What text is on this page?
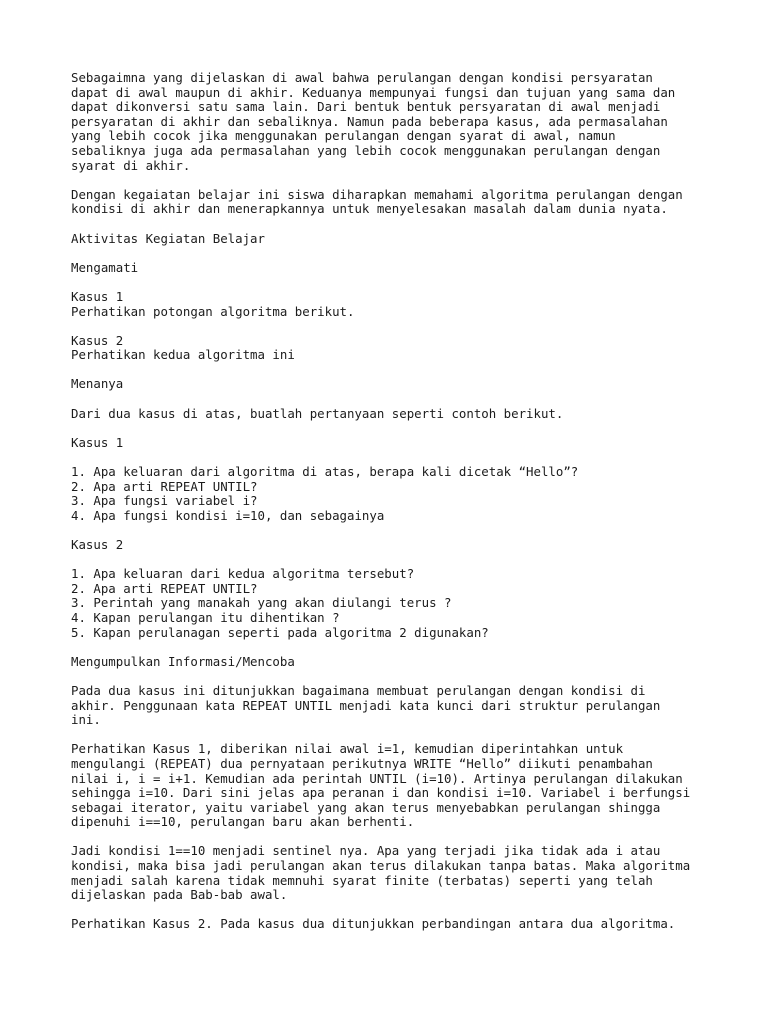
Sebagaimna yang dijelaskan di awal bahwa perulangan dengan kondisi persyaratan
dapat di awal maupun di akhir. Keduanya mempunyai fungsi dan tujuan yang sama dan
dapat dikonversi satu sama lain. Dari bentuk bentuk persyaratan di awal menjadi
persyaratan di akhir dan sebaliknya. Namun pada beberapa kasus, ada permasalahan
yang lebih cocok jika menggunakan perulangan dengan syarat di awal, namun
sebaliknya juga ada permasalahan yang lebih cocok menggunakan perulangan dengan
syarat di akhir.

Dengan kegaiatan belajar ini siswa diharapkan memahami algoritma perulangan dengan
kondisi di akhir dan menerapkannya untuk menyelesakan masalah dalam dunia nyata.

Aktivitas Kegiatan Belajar

Mengamati

Kasus 1
Perhatikan potongan algoritma berikut.

Kasus 2
Perhatikan kedua algoritma ini

Menanya

Dari dua kasus di atas, buatlah pertanyaan seperti contoh berikut.

Kasus 1

1. Apa keluaran dari algoritma di atas, berapa kali dicetak “Hello”?
2. Apa arti REPEAT UNTIL?
3. Apa fungsi variabel i?
4. Apa fungsi kondisi i=10, dan sebagainya

Kasus 2

1. Apa keluaran dari kedua algoritma tersebut?
2. Apa arti REPEAT UNTIL?
3. Perintah yang manakah yang akan diulangi terus ?
4. Kapan perulangan itu dihentikan ?
5. Kapan perulanagan seperti pada algoritma 2 digunakan?

Mengumpulkan Informasi/Mencoba

Pada dua kasus ini ditunjukkan bagaimana membuat perulangan dengan kondisi di
akhir. Penggunaan kata REPEAT UNTIL menjadi kata kunci dari struktur perulangan
ini.

Perhatikan Kasus 1, diberikan nilai awal i=1, kemudian diperintahkan untuk
mengulangi (REPEAT) dua pernyataan perikutnya WRITE “Hello” diikuti penambahan
nilai i, i = i+1. Kemudian ada perintah UNTIL (i=10). Artinya perulangan dilakukan
sehingga i=10. Dari sini jelas apa peranan i dan kondisi i=10. Variabel i berfungsi
sebagai iterator, yaitu variabel yang akan terus menyebabkan perulangan shingga
dipenuhi i==10, perulangan baru akan berhenti.

Jadi kondisi 1==10 menjadi sentinel nya. Apa yang terjadi jika tidak ada i atau
kondisi, maka bisa jadi perulangan akan terus dilakukan tanpa batas. Maka algoritma
menjadi salah karena tidak memnuhi syarat finite (terbatas) seperti yang telah
dijelaskan pada Bab-bab awal.

Perhatikan Kasus 2. Pada kasus dua ditunjukkan perbandingan antara dua algoritma.
